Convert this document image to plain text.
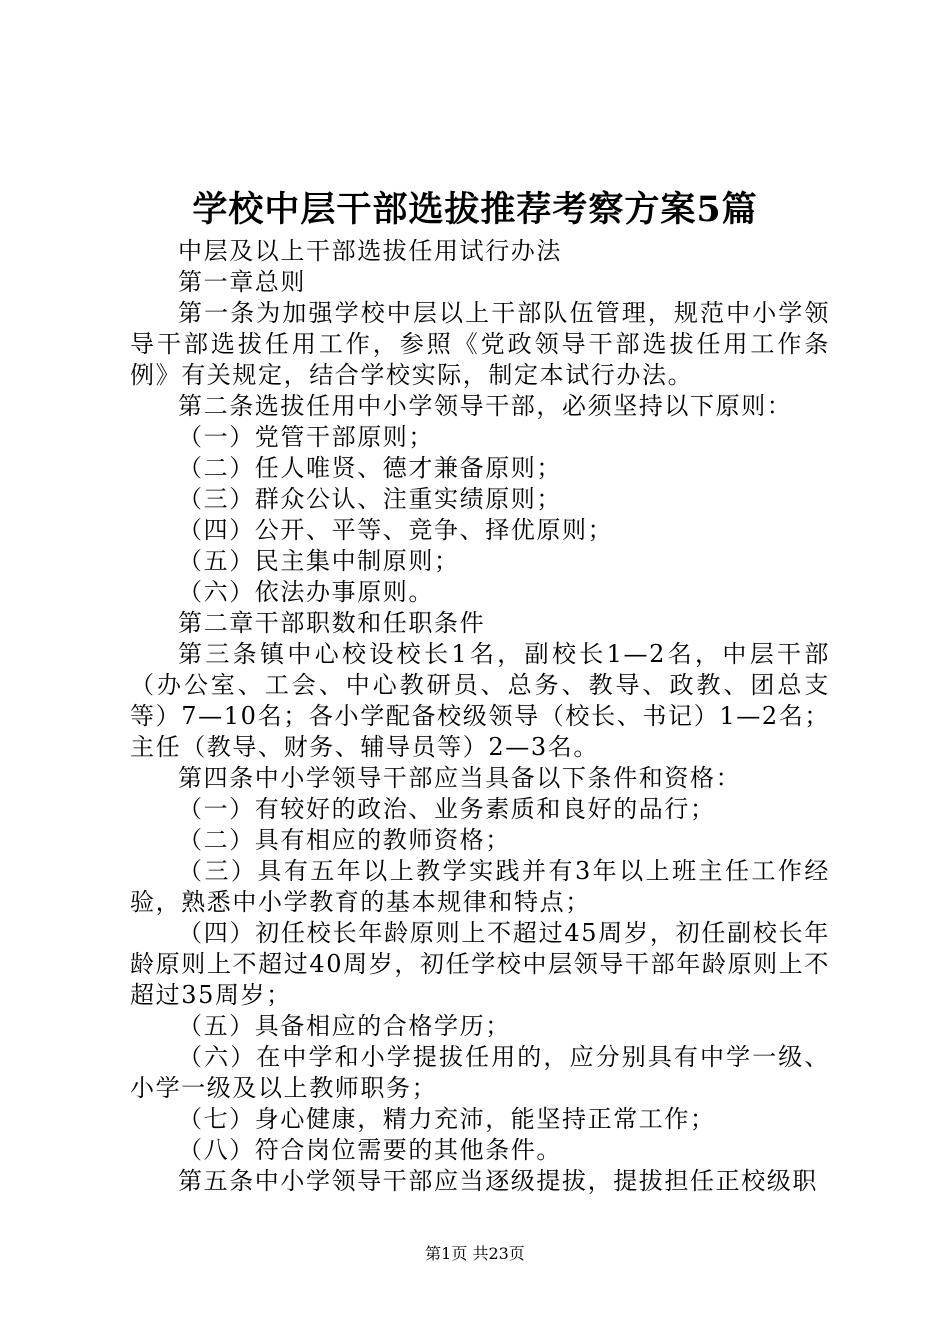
学校中层干部选拔推荐考察方案5篇

中层及以上干部选拔任用试行办法

第一章总则

第一条为加强学校中层以上干部队伍管理，规范中小学领导干部选拔任用工作，参照《党政领导干部选拔任用工作条例》有关规定，结合学校实际，制定本试行办法。

第二条选拔任用中小学领导干部，必须坚持以下原则：

（一）党管干部原则；

（二）任人唯贤、德才兼备原则；

（三）群众公认、注重实绩原则；

（四）公开、平等、竞争、择优原则；

（五）民主集中制原则；

（六）依法办事原则。

第二章干部职数和任职条件

第三条镇中心校设校长1名，副校长1—2名，中层干部（办公室、工会、中心教研员、总务、教导、政教、团总支等）7—10名；各小学配备校级领导（校长、书记）1—2名；主任（教导、财务、辅导员等）2—3名。

第四条中小学领导干部应当具备以下条件和资格：

（一）有较好的政治、业务素质和良好的品行；

（二）具有相应的教师资格；

（三）具有五年以上教学实践并有3年以上班主任工作经验，熟悉中小学教育的基本规律和特点；

（四）初任校长年龄原则上不超过45周岁，初任副校长年龄原则上不超过40周岁，初任学校中层领导干部年龄原则上不超过35周岁；

（五）具备相应的合格学历；

（六）在中学和小学提拔任用的，应分别具有中学一级、小学一级及以上教师职务；

（七）身心健康，精力充沛，能坚持正常工作；

（八）符合岗位需要的其他条件。

第五条中小学领导干部应当逐级提拔，提拔担任正校级职

第1页 共23页
